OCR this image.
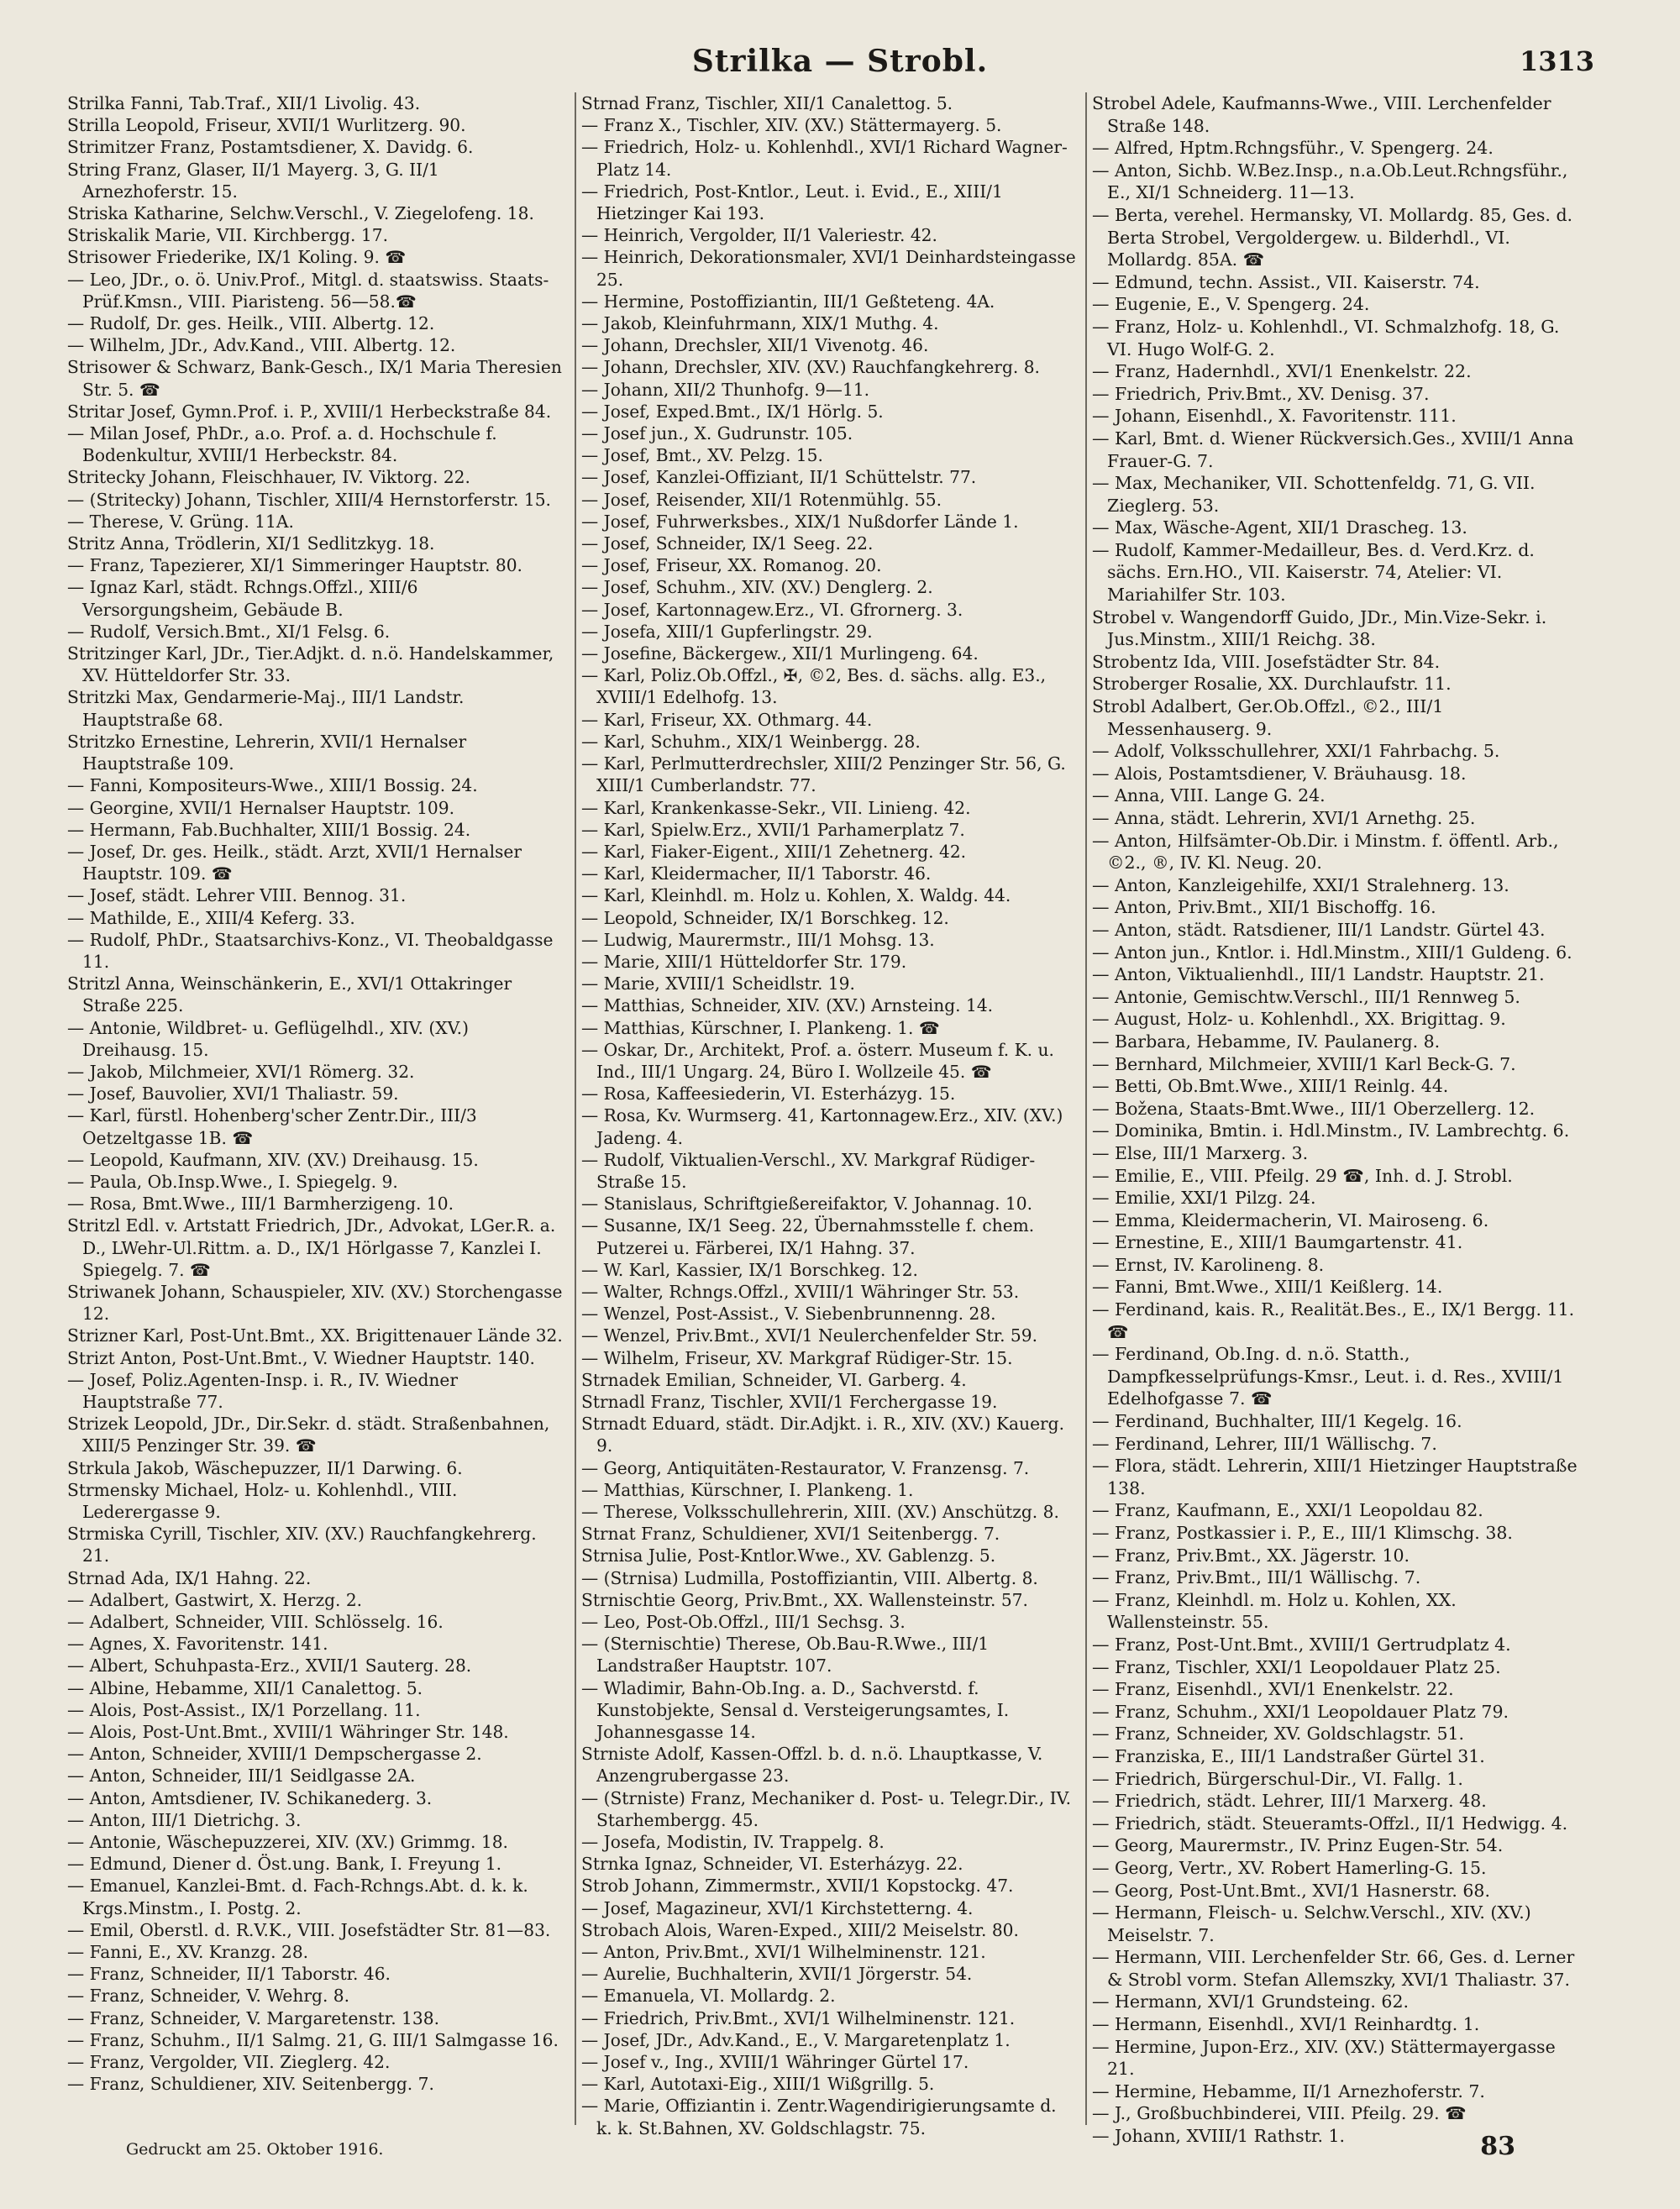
Strilka — Strobl.	1313
Strilka Fanni, Tab.Traf., XII/1 Livolig. 43.
Strilla Leopold, Friseur, XVII/1 Wurlitzerg. 90.
Strimitzer Franz, Postamtsdiener, X. Davidg. 6.
String Franz, Glaser, II/1 Mayerg. 3, G. II/1 Arnezhoferstr. 15.
Striska Katharine, Selchw.Verschl., V. Ziegelofeng. 18.
Striskalik Marie, VII. Kirchbergg. 17.
Strisower Friederike, IX/1 Koling. 9. ☎
— Leo, JDr., o. ö. Univ.Prof., Mitgl. d. staatswiss. Staats-Prüf.Kmsn., VIII. Piaristeng. 56—58.☎
— Rudolf, Dr. ges. Heilk., VIII. Albertg. 12.
— Wilhelm, JDr., Adv.Kand., VIII. Albertg. 12.
Strisower & Schwarz, Bank-Gesch., IX/1 Maria Theresien Str. 5. ☎
Stritar Josef, Gymn.Prof. i. P., XVIII/1 Herbeckstraße 84.
— Milan Josef, PhDr., a.o. Prof. a. d. Hochschule f. Bodenkultur, XVIII/1 Herbeckstr. 84.
Stritecky Johann, Fleischhauer, IV. Viktorg. 22.
— (Stritecky) Johann, Tischler, XIII/4 Hernstorferstr. 15.
— Therese, V. Grüng. 11A.
Stritz Anna, Trödlerin, XI/1 Sedlitzkyg. 18.
— Franz, Tapezierer, XI/1 Simmeringer Hauptstr. 80.
— Ignaz Karl, städt. Rchngs.Offzl., XIII/6 Versorgungsheim, Gebäude B.
— Rudolf, Versich.Bmt., XI/1 Felsg. 6.
Stritzinger Karl, JDr., Tier.Adjkt. d. n.ö. Handelskammer, XV. Hütteldorfer Str. 33.
Stritzki Max, Gendarmerie-Maj., III/1 Landstr. Hauptstraße 68.
Stritzko Ernestine, Lehrerin, XVII/1 Hernalser Hauptstraße 109.
— Fanni, Kompositeurs-Wwe., XIII/1 Bossig. 24.
— Georgine, XVII/1 Hernalser Hauptstr. 109.
— Hermann, Fab.Buchhalter, XIII/1 Bossig. 24.
— Josef, Dr. ges. Heilk., städt. Arzt, XVII/1 Hernalser Hauptstr. 109. ☎
— Josef, städt. Lehrer VIII. Bennog. 31.
— Mathilde, E., XIII/4 Keferg. 33.
— Rudolf, PhDr., Staatsarchivs-Konz., VI. Theobaldgasse 11.
Stritzl Anna, Weinschänkerin, E., XVI/1 Ottakringer Straße 225.
— Antonie, Wildbret- u. Geflügelhdl., XIV. (XV.) Dreihausg. 15.
— Jakob, Milchmeier, XVI/1 Römerg. 32.
— Josef, Bauvolier, XVI/1 Thaliastr. 59.
— Karl, fürstl. Hohenberg'scher Zentr.Dir., III/3 Oetzeltgasse 1B. ☎
— Leopold, Kaufmann, XIV. (XV.) Dreihausg. 15.
— Paula, Ob.Insp.Wwe., I. Spiegelg. 9.
— Rosa, Bmt.Wwe., III/1 Barmherzigeng. 10.
Stritzl Edl. v. Artstatt Friedrich, JDr., Advokat, LGer.R. a. D., LWehr-Ul.Rittm. a. D., IX/1 Hörlgasse 7, Kanzlei I. Spiegelg. 7. ☎
Striwanek Johann, Schauspieler, XIV. (XV.) Storchengasse 12.
Strizner Karl, Post-Unt.Bmt., XX. Brigittenauer Lände 32.
Strizt Anton, Post-Unt.Bmt., V. Wiedner Hauptstr. 140.
— Josef, Poliz.Agenten-Insp. i. R., IV. Wiedner Hauptstraße 77.
Strizek Leopold, JDr., Dir.Sekr. d. städt. Straßenbahnen, XIII/5 Penzinger Str. 39. ☎
Strkula Jakob, Wäschepuzzer, II/1 Darwing. 6.
Strmensky Michael, Holz- u. Kohlenhdl., VIII. Lederergasse 9.
Strmiska Cyrill, Tischler, XIV. (XV.) Rauchfangkehrerg. 21.
Strnad Ada, IX/1 Hahng. 22.
— Adalbert, Gastwirt, X. Herzg. 2.
— Adalbert, Schneider, VIII. Schlösselg. 16.
— Agnes, X. Favoritenstr. 141.
— Albert, Schuhpasta-Erz., XVII/1 Sauterg. 28.
— Albine, Hebamme, XII/1 Canalettog. 5.
— Alois, Post-Assist., IX/1 Porzellang. 11.
— Alois, Post-Unt.Bmt., XVIII/1 Währinger Str. 148.
— Anton, Schneider, XVIII/1 Dempschergasse 2.
— Anton, Schneider, III/1 Seidlgasse 2A.
— Anton, Amtsdiener, IV. Schikanederg. 3.
— Anton, III/1 Dietrichg. 3.
— Antonie, Wäschepuzzerei, XIV. (XV.) Grimmg. 18.
— Edmund, Diener d. Öst.ung. Bank, I. Freyung 1.
— Emanuel, Kanzlei-Bmt. d. Fach-Rchngs.Abt. d. k. k. Krgs.Minstm., I. Postg. 2.
— Emil, Oberstl. d. R.V.K., VIII. Josefstädter Str. 81—83.
— Fanni, E., XV. Kranzg. 28.
— Franz, Schneider, II/1 Taborstr. 46.
— Franz, Schneider, V. Wehrg. 8.
— Franz, Schneider, V. Margaretenstr. 138.
— Franz, Schuhm., II/1 Salmg. 21, G. III/1 Salmgasse 16.
— Franz, Vergolder, VII. Zieglerg. 42.
— Franz, Schuldiener, XIV. Seitenbergg. 7.
Strnad Franz, Tischler, XII/1 Canalettog. 5.
— Franz X., Tischler, XIV. (XV.) Stättermayerg. 5.
— Friedrich, Holz- u. Kohlenhdl., XVI/1 Richard Wagner-Platz 14.
— Friedrich, Post-Kntlor., Leut. i. Evid., E., XIII/1 Hietzinger Kai 193.
— Heinrich, Vergolder, II/1 Valeriestr. 42.
— Heinrich, Dekorationsmaler, XVI/1 Deinhardsteingasse 25.
— Hermine, Postoffiziantin, III/1 Geßteteng. 4A.
— Jakob, Kleinfuhrmann, XIX/1 Muthg. 4.
— Johann, Drechsler, XII/1 Vivenotg. 46.
— Johann, Drechsler, XIV. (XV.) Rauchfangkehrerg. 8.
— Johann, XII/2 Thunhofg. 9—11.
— Josef, Exped.Bmt., IX/1 Hörlg. 5.
— Josef jun., X. Gudrunstr. 105.
— Josef, Bmt., XV. Pelzg. 15.
— Josef, Kanzlei-Offiziant, II/1 Schüttelstr. 77.
— Josef, Reisender, XII/1 Rotenmühlg. 55.
— Josef, Fuhrwerksbes., XIX/1 Nußdorfer Lände 1.
— Josef, Schneider, IX/1 Seeg. 22.
— Josef, Friseur, XX. Romanog. 20.
— Josef, Schuhm., XIV. (XV.) Denglerg. 2.
— Josef, Kartonnagew.Erz., VI. Gfrornerg. 3.
— Josefa, XIII/1 Gupferlingstr. 29.
— Josefine, Bäckergew., XII/1 Murlingeng. 64.
— Karl, Poliz.Ob.Offzl., ✠, ©2, Bes. d. sächs. allg. E3., XVIII/1 Edelhofg. 13.
— Karl, Friseur, XX. Othmarg. 44.
— Karl, Schuhm., XIX/1 Weinbergg. 28.
— Karl, Perlmutterdrechsler, XIII/2 Penzinger Str. 56, G. XIII/1 Cumberlandstr. 77.
— Karl, Krankenkasse-Sekr., VII. Linieng. 42.
— Karl, Spielw.Erz., XVII/1 Parhamerplatz 7.
— Karl, Fiaker-Eigent., XIII/1 Zehetnerg. 42.
— Karl, Kleidermacher, II/1 Taborstr. 46.
— Karl, Kleinhdl. m. Holz u. Kohlen, X. Waldg. 44.
— Leopold, Schneider, IX/1 Borschkeg. 12.
— Ludwig, Maurermstr., III/1 Mohsg. 13.
— Marie, XIII/1 Hütteldorfer Str. 179.
— Marie, XVIII/1 Scheidlstr. 19.
— Matthias, Schneider, XIV. (XV.) Arnsteing. 14.
— Matthias, Kürschner, I. Plankeng. 1. ☎
— Oskar, Dr., Architekt, Prof. a. österr. Museum f. K. u. Ind., III/1 Ungarg. 24, Büro I. Wollzeile 45. ☎
— Rosa, Kaffeesiederin, VI. Esterházyg. 15.
— Rosa, Kv. Wurmserg. 41, Kartonnagew.Erz., XIV. (XV.) Jadeng. 4.
— Rudolf, Viktualien-Verschl., XV. Markgraf Rüdiger-Straße 15.
— Stanislaus, Schriftgießereifaktor, V. Johannag. 10.
— Susanne, IX/1 Seeg. 22, Übernahmsstelle f. chem. Putzerei u. Färberei, IX/1 Hahng. 37.
— W. Karl, Kassier, IX/1 Borschkeg. 12.
— Walter, Rchngs.Offzl., XVIII/1 Währinger Str. 53.
— Wenzel, Post-Assist., V. Siebenbrunnenng. 28.
— Wenzel, Priv.Bmt., XVI/1 Neulerchenfelder Str. 59.
— Wilhelm, Friseur, XV. Markgraf Rüdiger-Str. 15.
Strnadek Emilian, Schneider, VI. Garberg. 4.
Strnadl Franz, Tischler, XVII/1 Ferchergasse 19.
Strnadt Eduard, städt. Dir.Adjkt. i. R., XIV. (XV.) Kauerg. 9.
— Georg, Antiquitäten-Restaurator, V. Franzensg. 7.
— Matthias, Kürschner, I. Plankeng. 1.
— Therese, Volksschullehrerin, XIII. (XV.) Anschützg. 8.
Strnat Franz, Schuldiener, XVI/1 Seitenbergg. 7.
Strnisa Julie, Post-Kntlor.Wwe., XV. Gablenzg. 5.
— (Strnisa) Ludmilla, Postoffiziantin, VIII. Albertg. 8.
Strnischtie Georg, Priv.Bmt., XX. Wallensteinstr. 57.
— Leo, Post-Ob.Offzl., III/1 Sechsg. 3.
— (Sternischtie) Therese, Ob.Bau-R.Wwe., III/1 Landstraßer Hauptstr. 107.
— Wladimir, Bahn-Ob.Ing. a. D., Sachverstd. f. Kunstobjekte, Sensal d. Versteigerungsamtes, I. Johannesgasse 14.
Strniste Adolf, Kassen-Offzl. b. d. n.ö. Lhauptkasse, V. Anzengrubergasse 23.
— (Strniste) Franz, Mechaniker d. Post- u. Telegr.Dir., IV. Starhembergg. 45.
— Josefa, Modistin, IV. Trappelg. 8.
Strnka Ignaz, Schneider, VI. Esterházyg. 22.
Strob Johann, Zimmermstr., XVII/1 Kopstockg. 47.
— Josef, Magazineur, XVI/1 Kirchstetterng. 4.
Strobach Alois, Waren-Exped., XIII/2 Meiselstr. 80.
— Anton, Priv.Bmt., XVI/1 Wilhelminenstr. 121.
— Aurelie, Buchhalterin, XVII/1 Jörgerstr. 54.
— Emanuela, VI. Mollardg. 2.
— Friedrich, Priv.Bmt., XVI/1 Wilhelminenstr. 121.
— Josef, JDr., Adv.Kand., E., V. Margaretenplatz 1.
— Josef v., Ing., XVIII/1 Währinger Gürtel 17.
— Karl, Autotaxi-Eig., XIII/1 Wißgrillg. 5.
— Marie, Offiziantin i. Zentr.Wagendirigierungsamte d. k. k. St.Bahnen, XV. Goldschlagstr. 75.
Strobel Adele, Kaufmanns-Wwe., VIII. Lerchenfelder Straße 148.
— Alfred, Hptm.Rchngsführ., V. Spengerg. 24.
— Anton, Sichb. W.Bez.Insp., n.a.Ob.Leut.Rchngsführ., E., XI/1 Schneiderg. 11—13.
— Berta, verehel. Hermansky, VI. Mollardg. 85, Ges. d. Berta Strobel, Vergoldergew. u. Bilderhdl., VI. Mollardg. 85A. ☎
— Edmund, techn. Assist., VII. Kaiserstr. 74.
— Eugenie, E., V. Spengerg. 24.
— Franz, Holz- u. Kohlenhdl., VI. Schmalzhofg. 18, G. VI. Hugo Wolf-G. 2.
— Franz, Hadernhdl., XVI/1 Enenkelstr. 22.
— Friedrich, Priv.Bmt., XV. Denisg. 37.
— Johann, Eisenhdl., X. Favoritenstr. 111.
— Karl, Bmt. d. Wiener Rückversich.Ges., XVIII/1 Anna Frauer-G. 7.
— Max, Mechaniker, VII. Schottenfeldg. 71, G. VII. Zieglerg. 53.
— Max, Wäsche-Agent, XII/1 Drascheg. 13.
— Rudolf, Kammer-Medailleur, Bes. d. Verd.Krz. d. sächs. Ern.HO., VII. Kaiserstr. 74, Atelier: VI. Mariahilfer Str. 103.
Strobel v. Wangendorff Guido, JDr., Min.Vize-Sekr. i. Jus.Minstm., XIII/1 Reichg. 38.
Strobentz Ida, VIII. Josefstädter Str. 84.
Stroberger Rosalie, XX. Durchlaufstr. 11.
Strobl Adalbert, Ger.Ob.Offzl., ©2., III/1 Messenhauserg. 9.
— Adolf, Volksschullehrer, XXI/1 Fahrbachg. 5.
— Alois, Postamtsdiener, V. Bräuhausg. 18.
— Anna, VIII. Lange G. 24.
— Anna, städt. Lehrerin, XVI/1 Arnethg. 25.
— Anton, Hilfsämter-Ob.Dir. i Minstm. f. öffentl. Arb., ©2., ®, IV. Kl. Neug. 20.
— Anton, Kanzleigehilfe, XXI/1 Stralehnerg. 13.
— Anton, Priv.Bmt., XII/1 Bischoffg. 16.
— Anton, städt. Ratsdiener, III/1 Landstr. Gürtel 43.
— Anton jun., Kntlor. i. Hdl.Minstm., XIII/1 Guldeng. 6.
— Anton, Viktualienhdl., III/1 Landstr. Hauptstr. 21.
— Antonie, Gemischtw.Verschl., III/1 Rennweg 5.
— August, Holz- u. Kohlenhdl., XX. Brigittag. 9.
— Barbara, Hebamme, IV. Paulanerg. 8.
— Bernhard, Milchmeier, XVIII/1 Karl Beck-G. 7.
— Betti, Ob.Bmt.Wwe., XIII/1 Reinlg. 44.
— Božena, Staats-Bmt.Wwe., III/1 Oberzellerg. 12.
— Dominika, Bmtin. i. Hdl.Minstm., IV. Lambrechtg. 6.
— Else, III/1 Marxerg. 3.
— Emilie, E., VIII. Pfeilg. 29 ☎, Inh. d. J. Strobl.
— Emilie, XXI/1 Pilzg. 24.
— Emma, Kleidermacherin, VI. Mairoseng. 6.
— Ernestine, E., XIII/1 Baumgartenstr. 41.
— Ernst, IV. Karolineng. 8.
— Fanni, Bmt.Wwe., XIII/1 Keißlerg. 14.
— Ferdinand, kais. R., Realität.Bes., E., IX/1 Bergg. 11. ☎
— Ferdinand, Ob.Ing. d. n.ö. Statth., Dampfkesselprüfungs-Kmsr., Leut. i. d. Res., XVIII/1 Edelhofgasse 7. ☎
— Ferdinand, Buchhalter, III/1 Kegelg. 16.
— Ferdinand, Lehrer, III/1 Wällischg. 7.
— Flora, städt. Lehrerin, XIII/1 Hietzinger Hauptstraße 138.
— Franz, Kaufmann, E., XXI/1 Leopoldau 82.
— Franz, Postkassier i. P., E., III/1 Klimschg. 38.
— Franz, Priv.Bmt., XX. Jägerstr. 10.
— Franz, Priv.Bmt., III/1 Wällischg. 7.
— Franz, Kleinhdl. m. Holz u. Kohlen, XX. Wallensteinstr. 55.
— Franz, Post-Unt.Bmt., XVIII/1 Gertrudplatz 4.
— Franz, Tischler, XXI/1 Leopoldauer Platz 25.
— Franz, Eisenhdl., XVI/1 Enenkelstr. 22.
— Franz, Schuhm., XXI/1 Leopoldauer Platz 79.
— Franz, Schneider, XV. Goldschlagstr. 51.
— Franziska, E., III/1 Landstraßer Gürtel 31.
— Friedrich, Bürgerschul-Dir., VI. Fallg. 1.
— Friedrich, städt. Lehrer, III/1 Marxerg. 48.
— Friedrich, städt. Steueramts-Offzl., II/1 Hedwigg. 4.
— Georg, Maurermstr., IV. Prinz Eugen-Str. 54.
— Georg, Vertr., XV. Robert Hamerling-G. 15.
— Georg, Post-Unt.Bmt., XVI/1 Hasnerstr. 68.
— Hermann, Fleisch- u. Selchw.Verschl., XIV. (XV.) Meiselstr. 7.
— Hermann, VIII. Lerchenfelder Str. 66, Ges. d. Lerner & Strobl vorm. Stefan Allemszky, XVI/1 Thaliastr. 37.
— Hermann, XVI/1 Grundsteing. 62.
— Hermann, Eisenhdl., XVI/1 Reinhardtg. 1.
— Hermine, Jupon-Erz., XIV. (XV.) Stättermayergasse 21.
— Hermine, Hebamme, II/1 Arnezhoferstr. 7.
— J., Großbuchbinderei, VIII. Pfeilg. 29. ☎
— Johann, XVIII/1 Rathstr. 1.
Gedruckt am 25. Oktober 1916.	83
